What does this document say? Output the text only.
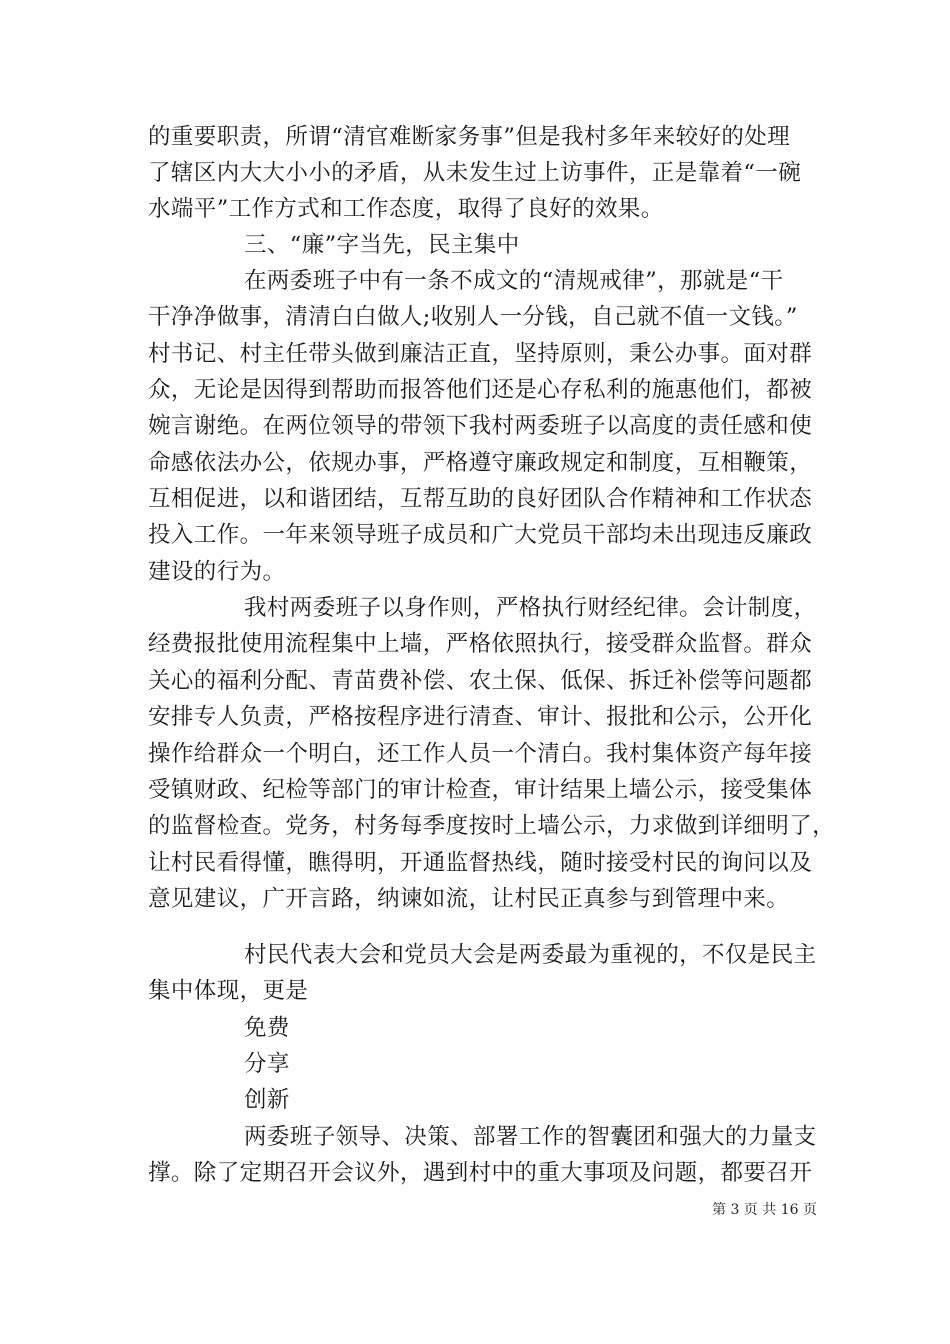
的重要职责，所谓“清官难断家务事”但是我村多年来较好的处理
了辖区内大大小小的矛盾，从未发生过上访事件，正是靠着“一碗
水端平”工作方式和工作态度，取得了良好的效果。
三、“廉”字当先，民主集中
在两委班子中有一条不成文的“清规戒律”，那就是“干
干净净做事，清清白白做人;收别人一分钱，自己就不值一文钱。”
村书记、村主任带头做到廉洁正直，坚持原则，秉公办事。面对群
众，无论是因得到帮助而报答他们还是心存私利的施惠他们，都被
婉言谢绝。在两位领导的带领下我村两委班子以高度的责任感和使
命感依法办公，依规办事，严格遵守廉政规定和制度，互相鞭策，
互相促进，以和谐团结，互帮互助的良好团队合作精神和工作状态
投入工作。一年来领导班子成员和广大党员干部均未出现违反廉政
建设的行为。
我村两委班子以身作则，严格执行财经纪律。会计制度，
经费报批使用流程集中上墙，严格依照执行，接受群众监督。群众
关心的福利分配、青苗费补偿、农土保、低保、拆迁补偿等问题都
安排专人负责，严格按程序进行清查、审计、报批和公示，公开化
操作给群众一个明白，还工作人员一个清白。我村集体资产每年接
受镇财政、纪检等部门的审计检查，审计结果上墙公示，接受集体
的监督检查。党务，村务每季度按时上墙公示，力求做到详细明了，
让村民看得懂，瞧得明，开通监督热线，随时接受村民的询问以及
意见建议，广开言路，纳谏如流，让村民正真参与到管理中来。
村民代表大会和党员大会是两委最为重视的，不仅是民主
集中体现，更是
免费
分享
创新
两委班子领导、决策、部署工作的智囊团和强大的力量支
撑。除了定期召开会议外，遇到村中的重大事项及问题，都要召开
第 3 页 共 16 页
